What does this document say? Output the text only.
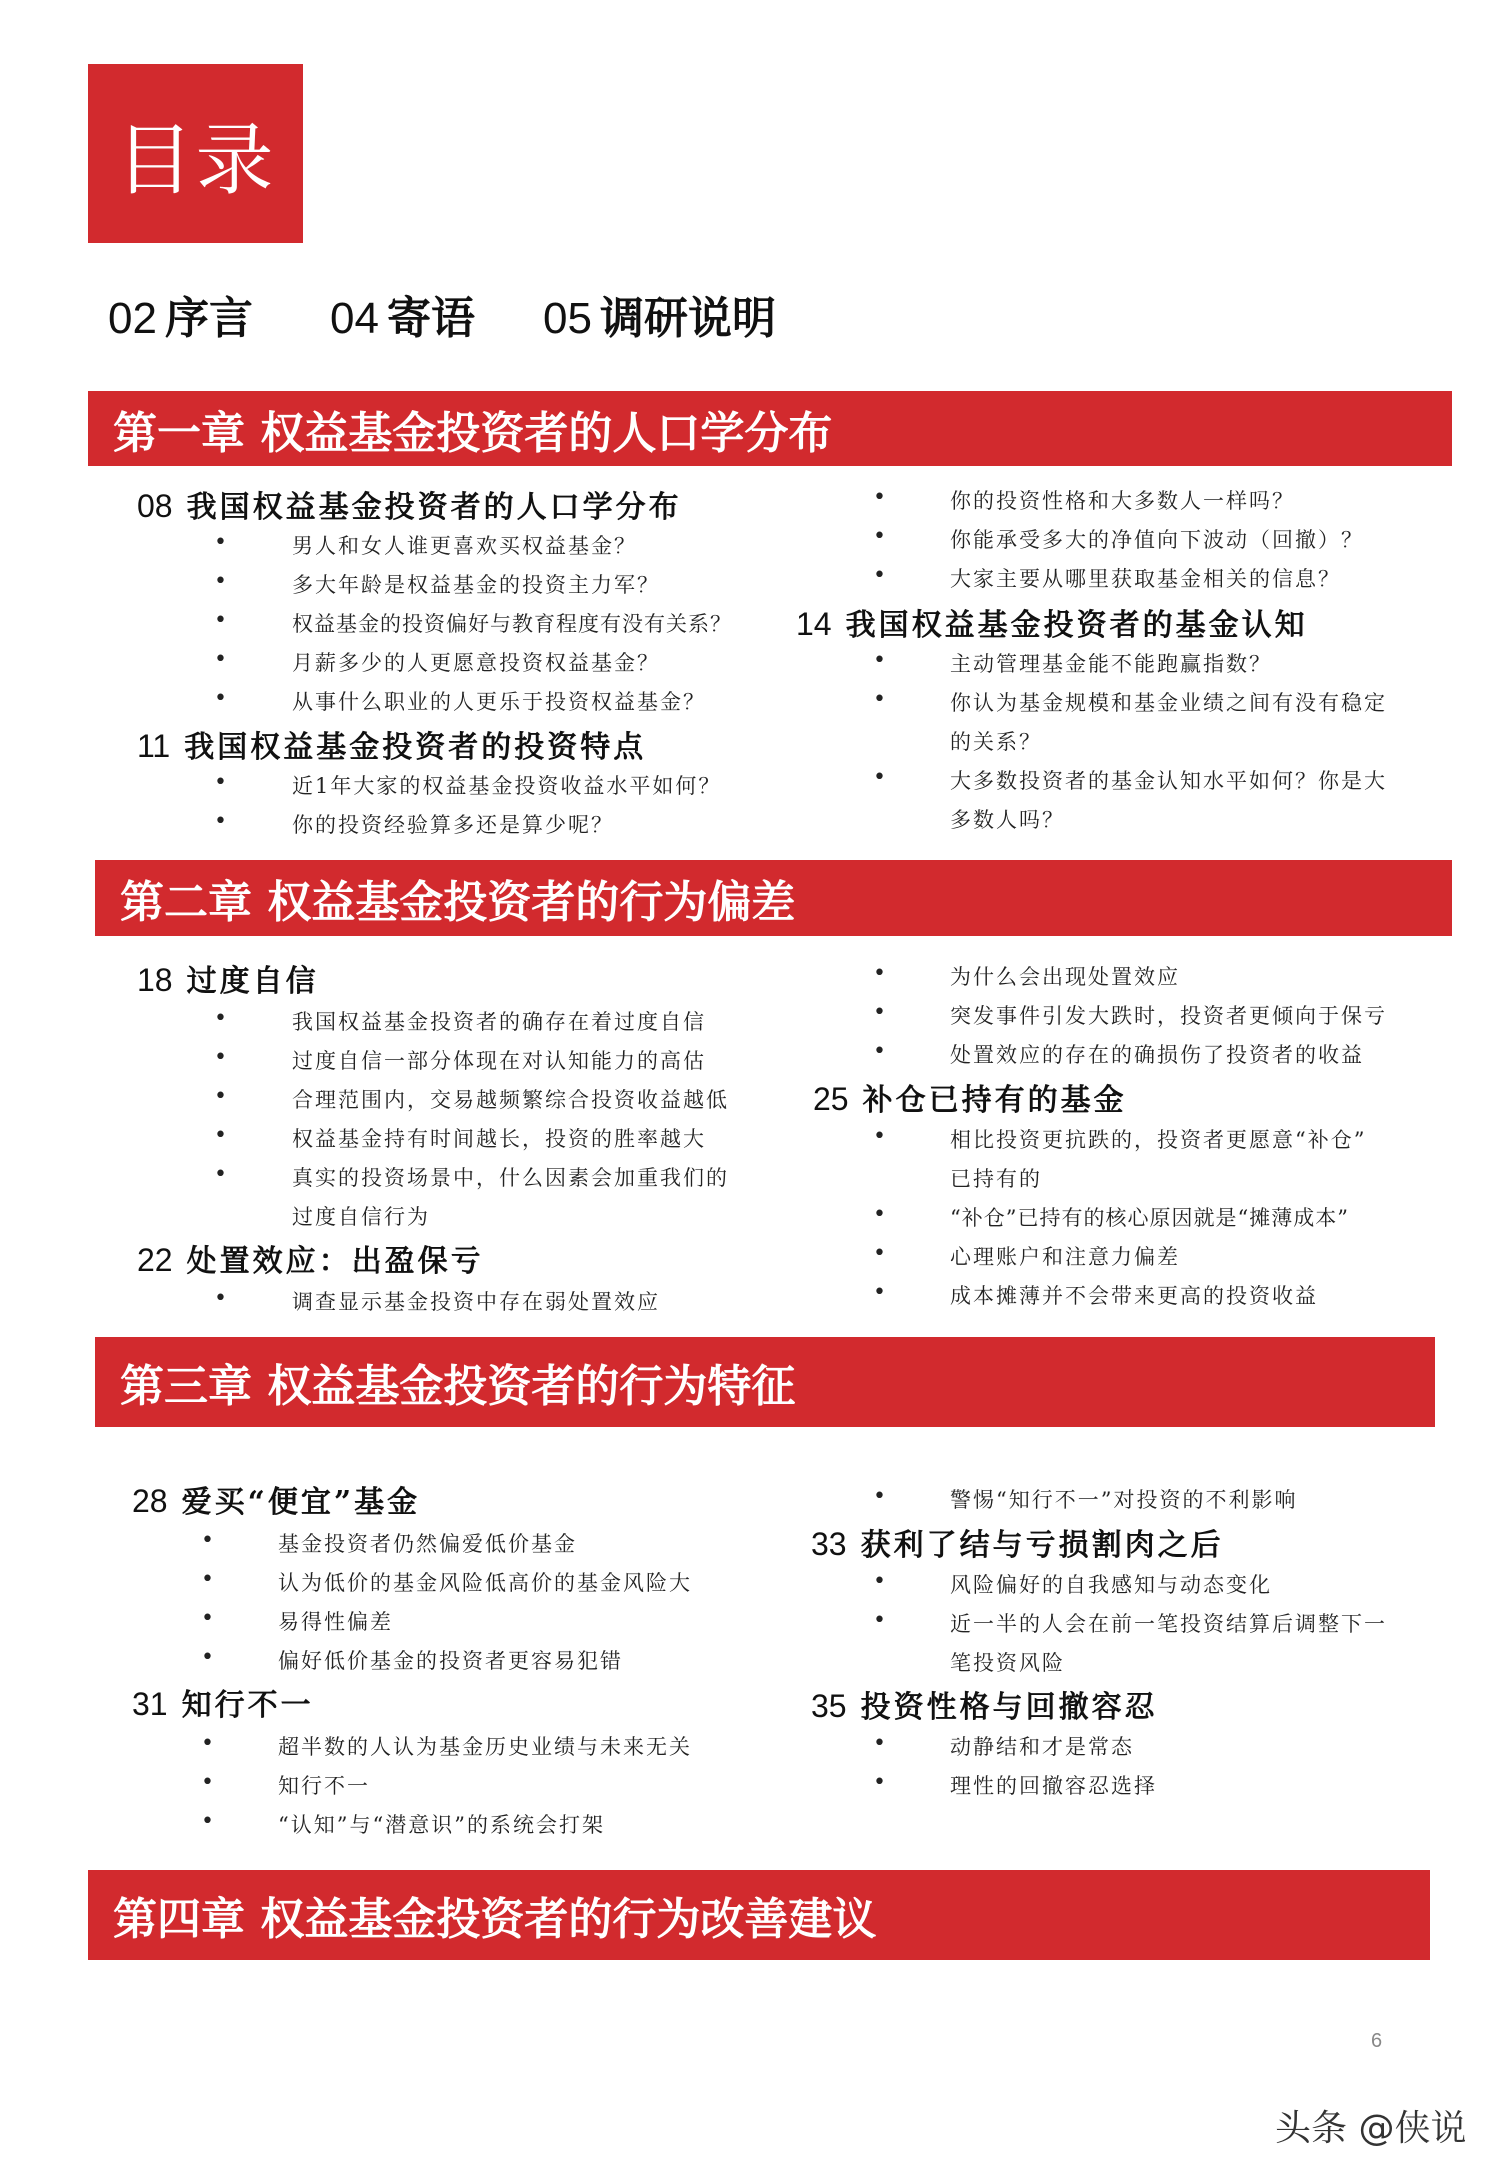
目录
02 序言 04 寄语 05 调研说明
第一章 权益基金投资者的人口学分布
08 我国权益基金投资者的人口学分布
•	男人和女人谁更喜欢买权益基金？
•	多大年龄是权益基金的投资主力军？
•	权益基金的投资偏好与教育程度有没有关系？
•	月薪多少的人更愿意投资权益基金？
•	从事什么职业的人更乐于投资权益基金？
11 我国权益基金投资者的投资特点
•	近1年大家的权益基金投资收益水平如何？
•	你的投资经验算多还是算少呢？
•	你的投资性格和大多数人一样吗？
•	你能承受多大的净值向下波动（回撤）？
•	大家主要从哪里获取基金相关的信息？
14 我国权益基金投资者的基金认知
•	主动管理基金能不能跑赢指数？
•	你认为基金规模和基金业绩之间有没有稳定
的关系？
•	大多数投资者的基金认知水平如何？你是大
多数人吗？
第二章 权益基金投资者的行为偏差
18 过度自信
•	我国权益基金投资者的确存在着过度自信
•	过度自信一部分体现在对认知能力的高估
•	合理范围内，交易越频繁综合投资收益越低
•	权益基金持有时间越长，投资的胜率越大
•	真实的投资场景中，什么因素会加重我们的
过度自信行为
22 处置效应：出盈保亏
•	调查显示基金投资中存在弱处置效应
•	为什么会出现处置效应
•	突发事件引发大跌时，投资者更倾向于保亏
•	处置效应的存在的确损伤了投资者的收益
25 补仓已持有的基金
•	相比投资更抗跌的，投资者更愿意“补仓”
已持有的
•	“补仓”已持有的核心原因就是“摊薄成本”
•	心理账户和注意力偏差
•	成本摊薄并不会带来更高的投资收益
第三章 权益基金投资者的行为特征
28 爱买“便宜”基金
•	基金投资者仍然偏爱低价基金
•	认为低价的基金风险低高价的基金风险大
•	易得性偏差
•	偏好低价基金的投资者更容易犯错
31 知行不一
•	超半数的人认为基金历史业绩与未来无关
•	知行不一
•	“认知”与“潜意识”的系统会打架
•	警惕“知行不一”对投资的不利影响
33 获利了结与亏损割肉之后
•	风险偏好的自我感知与动态变化
•	近一半的人会在前一笔投资结算后调整下一
笔投资风险
35 投资性格与回撤容忍
•	动静结和才是常态
•	理性的回撤容忍选择
第四章 权益基金投资者的行为改善建议
6
头条 @侠说
